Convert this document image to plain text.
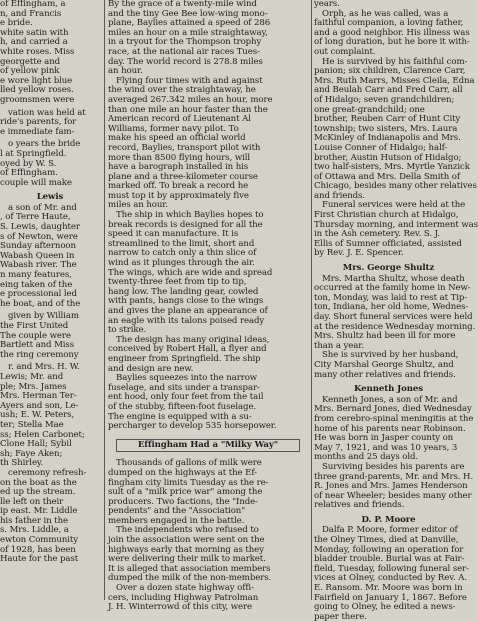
of Effingham, a
n, and Francis
e bride.
white satin with
h, and carried a
white roses. Miss
georgette and
of yellow pink
e wore light blue
lled yellow roses.
groomsmen were
vation was held at
ride's parents, for
e immediate fam-
o years the bride
l at Springfield.
oyed by W. S.
of Effingham.
couple will make
Lewis
a son of Mr. and
, of Terre Haute,
S. Lewis, daughter
s of Newton, were
Sunday afternoon
Wabash Queen in
Wabash river. The
n many features,
eing taken of the
e processional led
he boat, and of the
given by William
the First United
The couple were
Bartlett and Miss
the ring ceremony
r. and Mrs. H. W.
Lewis; Mr. and
ple; Mrs. James
Mrs. Herman Ter-
Ayers and son, Le-
ush; E. W. Peters,
ter; Stella Mae
ss; Helen Carbonet;
Clone Hall; Sybil
sh; Faye Aken;
th Shirley.
ceremony refresh-
on the boat as the
ed up the stream.
lle left on their
ip east. Mr. Liddle
his father in the
s. Mrs. Liddle, a
ewton Community
of 1928, has been
Haute for the past
By the grace of a twenty-mile wind
and the tiny Gee Bee low-wing mono-
plane, Baylies attained a speed of 286
miles an hour on a mile straightaway,
in a tryout for the Thompson trophy
race, at the national air races Tues-
day. The world record is 278.8 miles
an hour.
Flying four times with and against
the wind over the straightaway, he
averaged 267.342 miles an hour, more
than one mile an hour faster than the
American record of Lieutenant Al
Williams, former navy pilot. To
make his speed an official world
record, Baylies, transport pilot with
more than 8500 flying hours, will
have a barograph installed in his
plane and a three-kilometer course
marked off. To break a record he
must top it by approximately five
miles an hour.
The ship in which Baylies hopes to
break records is designed for all the
speed it can manufacture. It is
streamlined to the limit, short and
narrow to catch only a thin slice of
wind as it plunges through the air.
The wings, which are wide and spread
twenty-three feet from tip to tip,
hang low. The landing gear, cowled
with pants, hangs close to the wings
and gives the plane an appearance of
an eagle with its talons poised ready
to strike.
The design has many original ideas,
conceived by Robert Hall, a flyer and
engineer from Springfield. The ship
and design are new.
Baylies squeezes into the narrow
fuselage, and sits under a transpar-
ent hood, only four feet from the tail
of the stubby, fifteen-foot fuselage.
The engine is equipped with a su-
percharger to develop 535 horsepower.
Effingham Had a "Milky Way"
Thousands of gallons of milk were
dumped on the highways at the Ef-
fingham city limits Tuesday as the re-
sult of a "milk price war" among the
producers. Two factions, the "Inde-
pendents" and the "Association"
members engaged in the battle.
The independents who refused to
join the association were sent on the
highways early that morning as they
were delivering their milk to market.
It is alleged that association members
dumped the milk of the non-members.
Over a dozen state highway offi-
cers, including Highway Patrolman
J. H. Winterrowd of this city, were
years.
Orph, as he was called, was a
faithful companion, a loving father,
and a good neighbor. His illness was
of long duration, but he bore it with-
out complaint.
He is survived by his faithful com-
panion; six children, Clarence Carr,
Mrs. Ruth Marrs, Misses Cleila, Edna
and Beulah Carr and Fred Carr, all
of Hidalgo; seven grandchildren;
one great-grandchild; one
brother, Reuben Carr of Hunt City
township; two sisters, Mrs. Laura
McKinley of Indianapolis and Mrs.
Louise Conner of Hidalgo; half-
brother, Austin Hutson of Hidalgo;
two half-sisters, Mrs. Myrtle Yanzick
of Ottawa and Mrs. Della Smith of
Chicago, besides many other relatives
and friends.
Funeral services were held at the
First Christian church at Hidalgo,
Thursday morning, and interment was
in the Ash cemetery. Rev. S. J.
Ellis of Sumner officiated, assisted
by Rev. J. E. Spencer.
Mrs. George Shultz
Mrs. Martha Shultz, whose death
occurred at the family home in New-
ton, Monday, was laid to rest at Tip-
ton, Indiana, her old home, Wednes-
day. Short funeral services were held
at the residence Wednesday morning.
Mrs. Shultz had been ill for more
than a year.
She is survived by her husband,
City Marshal George Shultz, and
many other relatives and friends.
Kenneth Jones
Kenneth Jones, a son of Mr. and
Mrs. Bernard Jones, died Wednesday
from cerebro-spinal meningitis at the
home of his parents near Robinson.
He was born in Jasper county on
May 7, 1921, and was 10 years, 3
months and 25 days old.
Surviving besides his parents are
three grand-parents, Mr. and Mrs. H.
R. Jones and Mrs. James Henderson
of near Wheeler; besides many other
relatives and friends.
D. P. Moore
Dalfa P. Moore, former editor of
the Olney Times, died at Danville,
Monday, following an operation for
bladder trouble. Burial was at Fair-
field, Tuesday, following funeral ser-
vices at Olney, conducted by Rev. A.
E. Ransom. Mr. Moore was born in
Fairfield on January 1, 1867. Before
going to Olney, he edited a news-
paper there.
